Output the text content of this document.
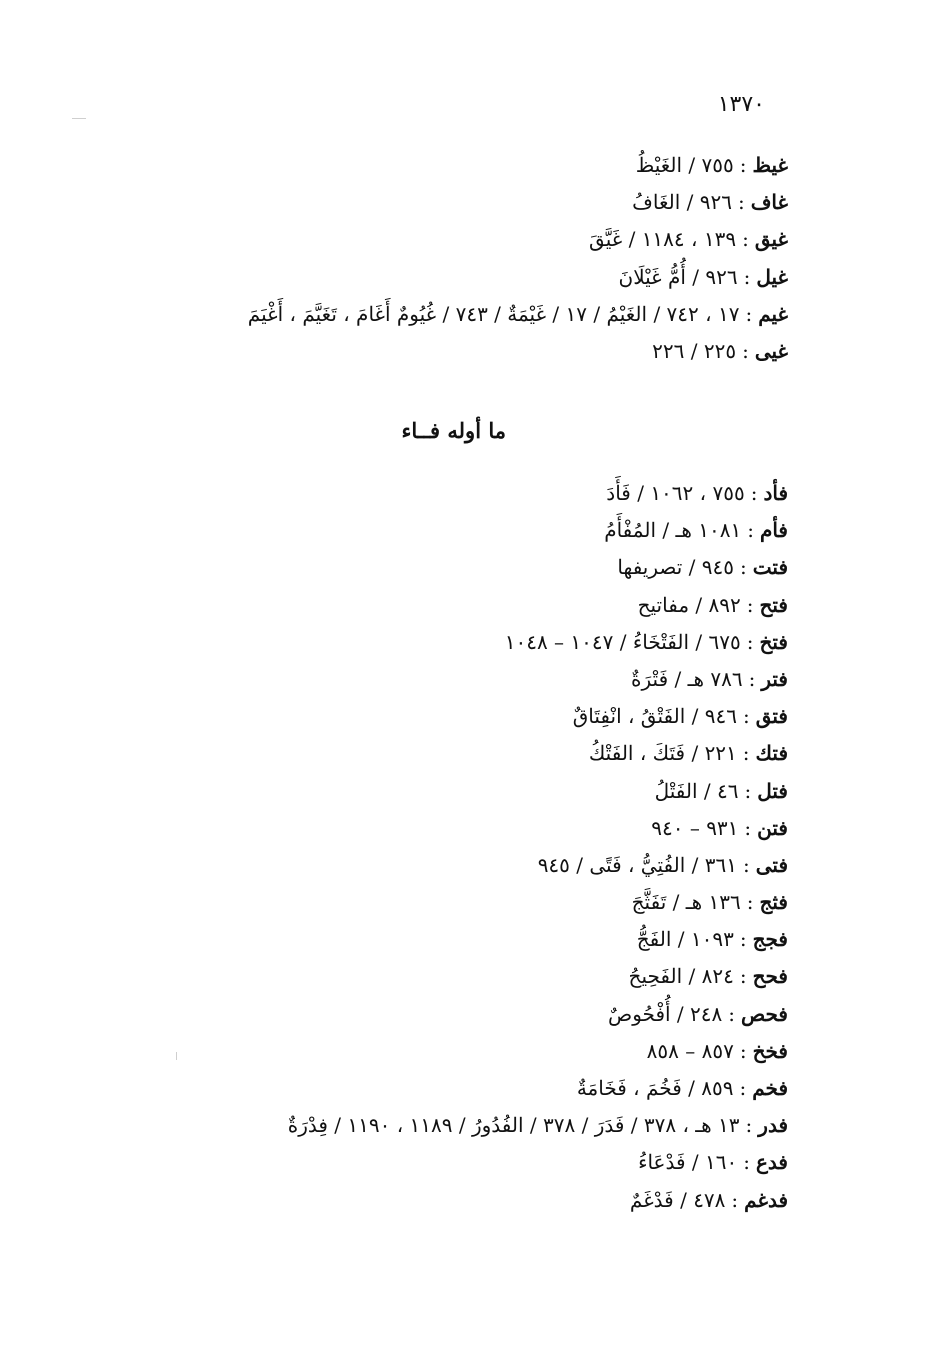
١٣٧٠
غيظ:٧٥٥ / الغَيْظُ
غاف:٩٢٦ / الغَافُ
غيق:١٣٩ ، ١١٨٤ / غَيَّقَ
غيل:٩٢٦ / أُمُّ غَيْلَانَ
غيم:١٧ ، ٧٤٢ / الغَيْمُ / ١٧ / غَيْمَةٌ / ٧٤٣ / غُيُومٌ أَغَامَ ، تَغَيَّمَ ، أَغْيَمَ
غيى:٢٢٥ / ٢٢٦
ما أوله فــاء
فأد:٧٥٥ ، ١٠٦٢ / فَأَدَ
فأم:١٠٨١ هـ / المُفْأَمُ
فتت:٩٤٥ / تصريفها
فتح:٨٩٢ / مفاتيح
فتخ:٦٧٥ / الفَتْخَاءُ / ١٠٤٧ – ١٠٤٨
فتر:٧٨٦ هـ / فَتْرَةٌ
فتق:٩٤٦ / الفَتْقُ ، انْفِتَاقٌ
فتك:٢٢١ / فَتَكَ ، الفَتْكُ
فتل:٤٦ / الفَتْلُ
فتن:٩٣١ – ٩٤٠
فتى:٣٦١ / الفُتِيُّ ، فَتًى / ٩٤٥
فثج:١٣٦ هـ / تَفَثَّجَ
فجج:١٠٩٣ / الفَجُّ
فحح:٨٢٤ / الفَحِيحُ
فحص:٢٤٨ / أُفْحُوصٌ
فخخ:٨٥٧ – ٨٥٨
فخم:٨٥٩ / فَخُمَ ، فَخَامَةٌ
فدر:١٣ هـ ، ٣٧٨ / فَدَرَ / ٣٧٨ / الفُدُورُ / ١١٨٩ ، ١١٩٠ / فِدْرَةٌ
فدع:١٦٠ / فَدْعَاءُ
فدغم:٤٧٨ / فَدْغَمٌ
